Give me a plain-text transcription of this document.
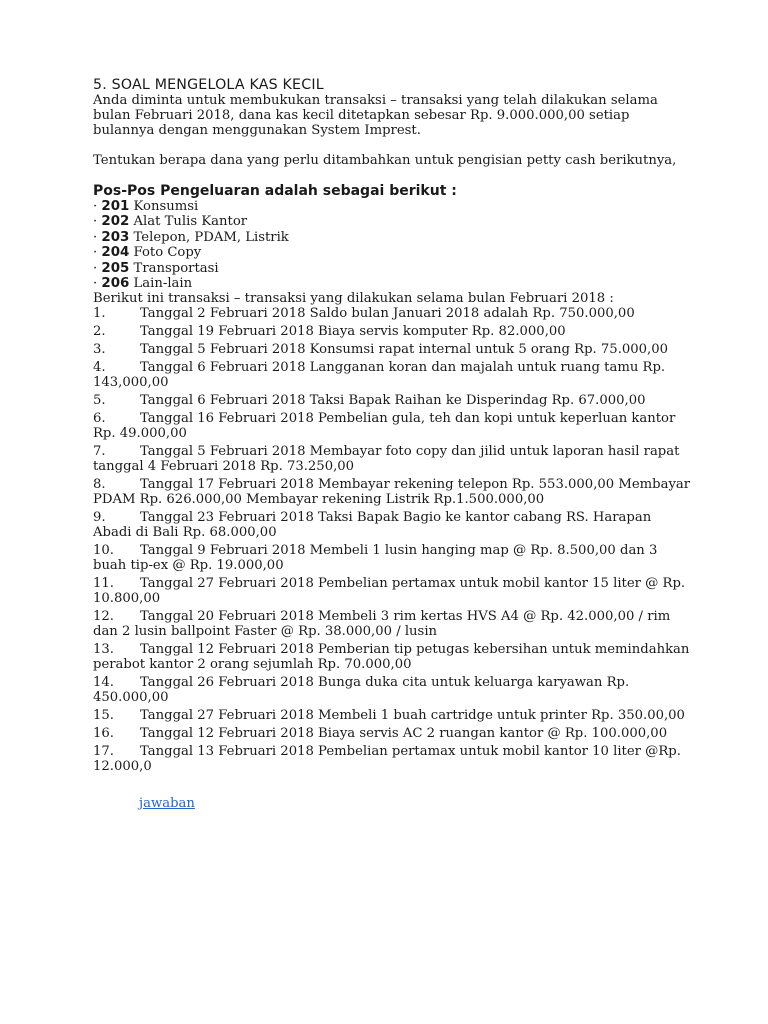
5. SOAL MENGELOLA KAS KECIL

Anda diminta untuk membukukan transaksi – transaksi yang telah dilakukan selama bulan Februari 2018, dana kas kecil ditetapkan sebesar Rp. 9.000.000,00 setiap bulannya dengan menggunakan System Imprest.

Tentukan berapa dana yang perlu ditambahkan untuk pengisian petty cash berikutnya,

Pos-Pos Pengeluaran adalah sebagai berikut :

· 201 Konsumsi
· 202 Alat Tulis Kantor
· 203 Telepon, PDAM, Listrik
· 204 Foto Copy
· 205 Transportasi
· 206 Lain-lain

Berikut ini transaksi – transaksi yang dilakukan selama bulan Februari 2018 :

1.	Tanggal 2 Februari 2018 Saldo bulan Januari 2018 adalah Rp. 750.000,00
2.	Tanggal 19 Februari 2018 Biaya servis komputer Rp. 82.000,00
3.	Tanggal 5 Februari 2018 Konsumsi rapat internal untuk 5 orang Rp. 75.000,00
4.	Tanggal 6 Februari 2018 Langganan koran dan majalah untuk ruang tamu Rp. 143,000,00
5.	Tanggal 6 Februari 2018 Taksi Bapak Raihan ke Disperindag Rp. 67.000,00
6.	Tanggal 16 Februari 2018 Pembelian gula, teh dan kopi untuk keperluan kantor Rp. 49.000,00
7.	Tanggal 5 Februari 2018 Membayar foto copy dan jilid untuk laporan hasil rapat tanggal 4 Februari 2018 Rp. 73.250,00
8.	Tanggal 17 Februari 2018 Membayar rekening telepon Rp. 553.000,00 Membayar PDAM Rp. 626.000,00 Membayar rekening Listrik Rp.1.500.000,00
9.	Tanggal 23 Februari 2018 Taksi Bapak Bagio ke kantor cabang RS. Harapan Abadi di Bali Rp. 68.000,00
10. Tanggal 9 Februari 2018 Membeli 1 lusin hanging map @ Rp. 8.500,00 dan 3 buah tip-ex @ Rp. 19.000,00
11. Tanggal 27 Februari 2018 Pembelian pertamax untuk mobil kantor 15 liter @ Rp. 10.800,00
12. Tanggal 20 Februari 2018 Membeli 3 rim kertas HVS A4 @ Rp. 42.000,00 / rim dan 2 lusin ballpoint Faster @ Rp. 38.000,00 / lusin
13. Tanggal 12 Februari 2018 Pemberian tip petugas kebersihan untuk memindahkan perabot kantor 2 orang sejumlah Rp. 70.000,00
14. Tanggal 26 Februari 2018 Bunga duka cita untuk keluarga karyawan Rp. 450.000,00
15. Tanggal 27 Februari 2018 Membeli 1 buah cartridge untuk printer Rp. 350.00,00
16. Tanggal 12 Februari 2018 Biaya servis AC 2 ruangan kantor @ Rp. 100.000,00
17. Tanggal 13 Februari 2018 Pembelian pertamax untuk mobil kantor 10 liter @Rp. 12.000,0
jawaban
